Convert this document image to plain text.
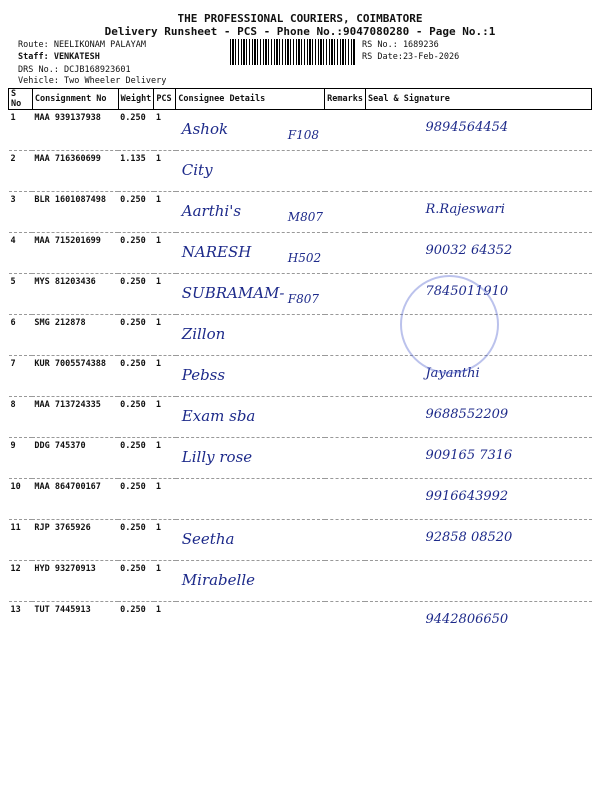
THE PROFESSIONAL COURIERS, COIMBATORE
Delivery Runsheet - PCS - Phone No.:9047080280 - Page No.:1
Route: NEELIKONAM PALAYAM
Staff: VENKATESH
DRS No.: DCJB168923601
Vehicle: Two Wheeler Delivery
RS No.: 1689236
RS Date:23-Feb-2026
S No	Consignment No	Weight	PCS	Consignee Details	Remarks	Seal & Signature
1	MAA 939137938	0.250	1	Ashok F108		9894564454

2	MAA 716360699	1.135	1	City		

3	BLR 1601087498	0.250	1	Aarthi's M807		R.Rajeswari

4	MAA 715201699	0.250	1	NARESH H502		90032 64352

5	MYS 81203436	0.250	1	SUBRAMAM- F807		7845011910

6	SMG 212878	0.250	1	Zillon		

7	KUR 7005574388	0.250	1	Pebss		Jayanthi

8	MAA 713724335	0.250	1	Exam sba		9688552209

9	DDG 745370	0.250	1	Lilly rose		909165 7316

10	MAA 864700167	0.250	1			9916643992

11	RJP 3765926	0.250	1	Seetha		92858 08520

12	HYD 93270913	0.250	1	Mirabelle		

13	TUT 7445913	0.250	1			9442806650
